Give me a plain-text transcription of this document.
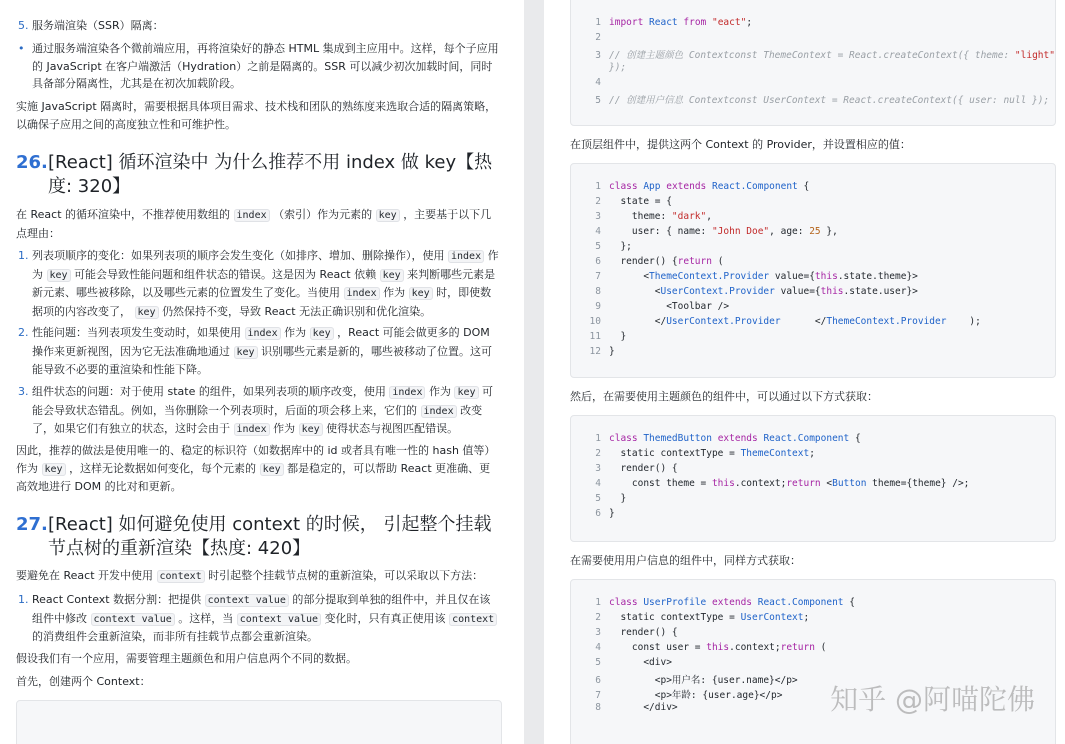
5. 服务端渲染（SSR）隔离：
• 通过服务端渲染各个微前端应用，再将渲染好的静态 HTML 集成到主应用中。这样，每个子应用的 JavaScript 在客户端激活（Hydration）之前是隔离的。SSR 可以减少初次加载时间，同时具备部分隔离性，尤其是在初次加载阶段。

实施 JavaScript 隔离时，需要根据具体项目需求、技术栈和团队的熟练度来选取合适的隔离策略，以确保子应用之间的高度独立性和可维护性。

26. [React] 循环渲染中 为什么推荐不用 index 做 key【热度: 320】

在 React 的循环渲染中，不推荐使用数组的 index （索引）作为元素的 key ，主要基于以下几点理由：

1. 列表项顺序的变化：如果列表项的顺序会发生变化（如排序、增加、删除操作），使用 index 作为 key 可能会导致性能问题和组件状态的错误。这是因为 React 依赖 key 来判断哪些元素是新元素、哪些被移除，以及哪些元素的位置发生了变化。当使用 index 作为 key 时，即使数据项的内容改变了， key 仍然保持不变，导致 React 无法正确识别和优化渲染。
2. 性能问题：当列表项发生变动时，如果使用 index 作为 key ，React 可能会做更多的 DOM 操作来更新视图，因为它无法准确地通过 key 识别哪些元素是新的，哪些被移动了位置。这可能导致不必要的重渲染和性能下降。
3. 组件状态的问题：对于使用 state 的组件，如果列表项的顺序改变，使用 index 作为 key 可能会导致状态错乱。例如，当你删除一个列表项时，后面的项会移上来，它们的 index 改变了，如果它们有独立的状态，这时会由于 index 作为 key 使得状态与视图匹配错误。

因此，推荐的做法是使用唯一的、稳定的标识符（如数据库中的 id 或者具有唯一性的 hash 值等）作为 key ，这样无论数据如何变化，每个元素的 key 都是稳定的，可以帮助 React 更准确、更高效地进行 DOM 的比对和更新。

27. [React] 如何避免使用 context 的时候， 引起整个挂载节点树的重新渲染【热度: 420】

要避免在 React 开发中使用 context 时引起整个挂载节点树的重新渲染，可以采取以下方法：

1. React Context 数据分割：把提供 context value 的部分提取到单独的组件中，并且仅在该组件中修改 context value 。这样，当 context value 变化时，只有真正使用该 context 的消费组件会重新渲染，而非所有挂载节点都会重新渲染。

假设我们有一个应用，需要管理主题颜色和用户信息两个不同的数据。

首先，创建两个 Context：

1 import React from "eact";
2
3 // 创建主题颜色 Contextconst ThemeContext = React.createContext({ theme: "light"
});
4
5 // 创建用户信息 Contextconst UserContext = React.createContext({ user: null });

在顶层组件中，提供这两个 Context 的 Provider，并设置相应的值：

1 class App extends React.Component {
2  state = {
3    theme: "dark",
4    user: { name: "John Doe", age: 25 },
5  };
6  render() {return (
7      <ThemeContext.Provider value={this.state.theme}>
8        <UserContext.Provider value={this.state.user}>
9          <Toolbar />
10        </UserContext.Provider      </ThemeContext.Provider    );
11  }
12 }

然后，在需要使用主题颜色的组件中，可以通过以下方式获取：

1 class ThemedButton extends React.Component {
2  static contextType = ThemeContext;
3  render() {
4    const theme = this.context;return <Button theme={theme} />;
5  }
6 }

在需要使用用户信息的组件中，同样方式获取：

1 class UserProfile extends React.Component {
2  static contextType = UserContext;
3  render() {
4    const user = this.context;return (
5      <div>
6        <p>用户名: {user.name}</p>
7        <p>年龄: {user.age}</p>
8      </div>	知乎 @阿喵陀佛
